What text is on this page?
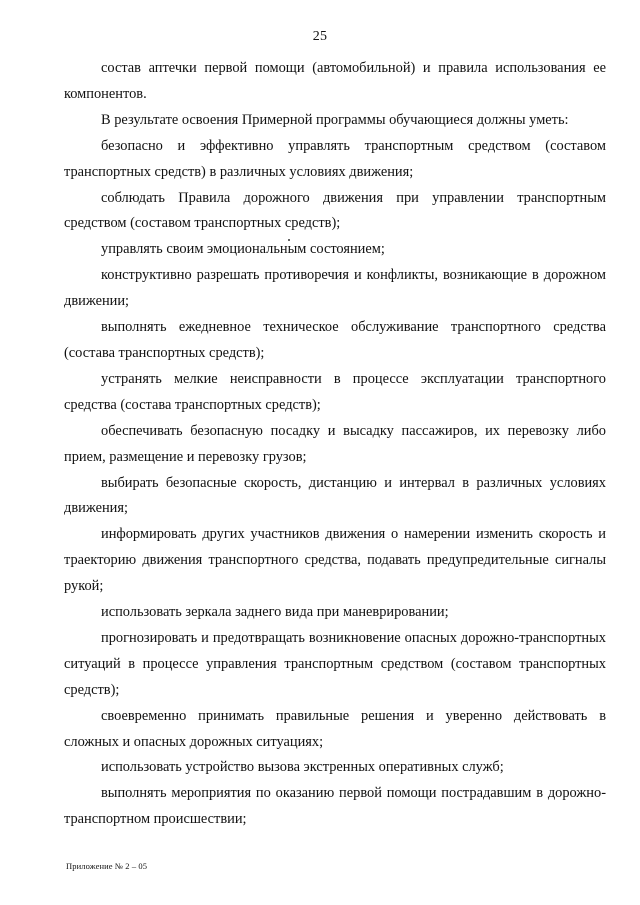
25

состав аптечки первой помощи (автомобильной) и правила использования ее компонентов.

В результате освоения Примерной программы обучающиеся должны уметь:

безопасно и эффективно управлять транспортным средством (составом транспортных средств) в различных условиях движения;

соблюдать Правила дорожного движения при управлении транспортным средством (составом транспортных средств);

управлять своим эмоциональным состоянием;

конструктивно разрешать противоречия и конфликты, возникающие в дорожном движении;

выполнять ежедневное техническое обслуживание транспортного средства (состава транспортных средств);

устранять мелкие неисправности в процессе эксплуатации транспортного средства (состава транспортных средств);

обеспечивать безопасную посадку и высадку пассажиров, их перевозку либо прием, размещение и перевозку грузов;

выбирать безопасные скорость, дистанцию и интервал в различных условиях движения;

информировать других участников движения о намерении изменить скорость и траекторию движения транспортного средства, подавать предупредительные сигналы рукой;

использовать зеркала заднего вида при маневрировании;

прогнозировать и предотвращать возникновение опасных дорожно-транспортных ситуаций в процессе управления транспортным средством (составом транспортных средств);

своевременно принимать правильные решения и уверенно действовать в сложных и опасных дорожных ситуациях;

использовать устройство вызова экстренных оперативных служб;

выполнять мероприятия по оказанию первой помощи пострадавшим в дорожно-транспортном происшествии;

Приложение № 2 – 05
